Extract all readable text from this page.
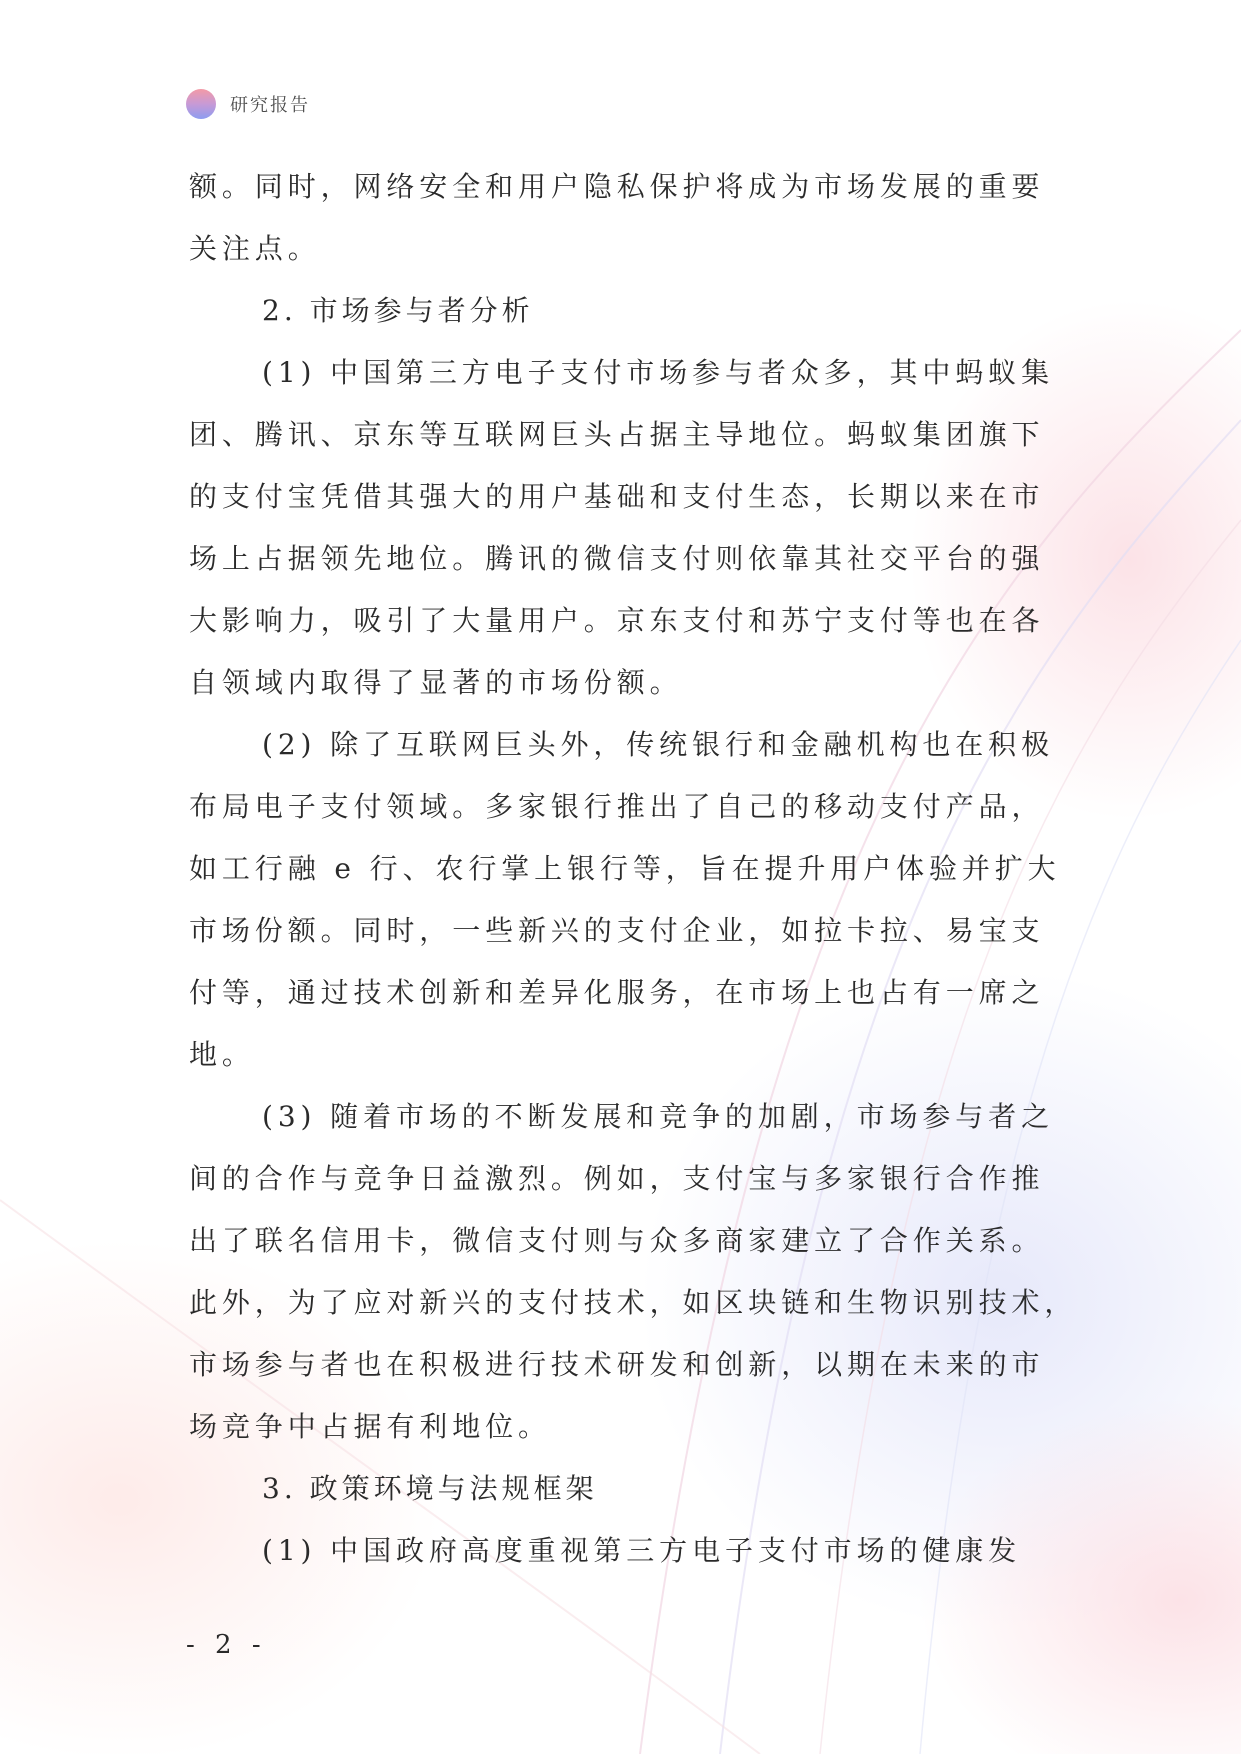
研究报告
额。同时，网络安全和用户隐私保护将成为市场发展的重要
关注点。
2. 市场参与者分析
(1) 中国第三方电子支付市场参与者众多，其中蚂蚁集
团、腾讯、京东等互联网巨头占据主导地位。蚂蚁集团旗下
的支付宝凭借其强大的用户基础和支付生态，长期以来在市
场上占据领先地位。腾讯的微信支付则依靠其社交平台的强
大影响力，吸引了大量用户。京东支付和苏宁支付等也在各
自领域内取得了显著的市场份额。
(2) 除了互联网巨头外，传统银行和金融机构也在积极
布局电子支付领域。多家银行推出了自己的移动支付产品，
如工行融 e 行、农行掌上银行等，旨在提升用户体验并扩大
市场份额。同时，一些新兴的支付企业，如拉卡拉、易宝支
付等，通过技术创新和差异化服务，在市场上也占有一席之
地。
(3) 随着市场的不断发展和竞争的加剧，市场参与者之
间的合作与竞争日益激烈。例如，支付宝与多家银行合作推
出了联名信用卡，微信支付则与众多商家建立了合作关系。
此外，为了应对新兴的支付技术，如区块链和生物识别技术，
市场参与者也在积极进行技术研发和创新，以期在未来的市
场竞争中占据有利地位。
3. 政策环境与法规框架
(1) 中国政府高度重视第三方电子支付市场的健康发
- 2 -
